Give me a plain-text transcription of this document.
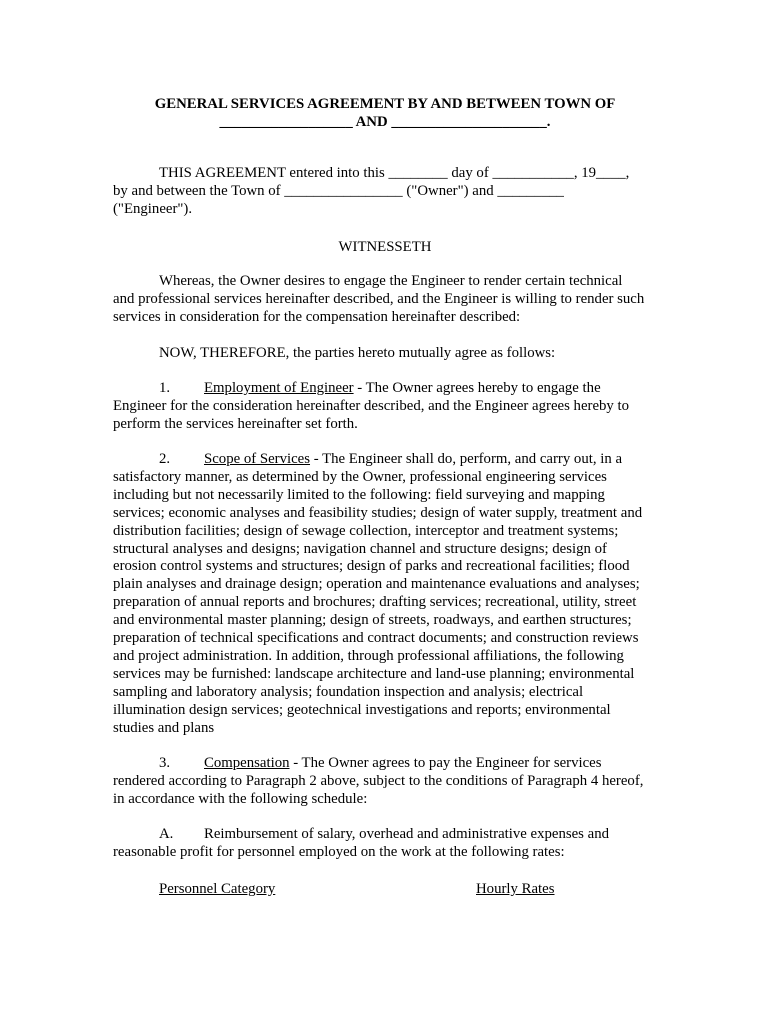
GENERAL SERVICES AGREEMENT BY AND BETWEEN TOWN OF
__________________ AND _____________________.
THIS AGREEMENT entered into this ________ day of ___________, 19____,
by and between the Town of ________________ ("Owner") and _________
("Engineer").
WITNESSETH
Whereas, the Owner desires to engage the Engineer to render certain technical
and professional services hereinafter described, and the Engineer is willing to render such
services in consideration for the compensation hereinafter described:
NOW, THEREFORE, the parties hereto mutually agree as follows:
1. Employment of Engineer - The Owner agrees hereby to engage the
Engineer for the consideration hereinafter described, and the Engineer agrees hereby to
perform the services hereinafter set forth.
2. Scope of Services - The Engineer shall do, perform, and carry out, in a
satisfactory manner, as determined by the Owner, professional engineering services
including but not necessarily limited to the following: field surveying and mapping
services; economic analyses and feasibility studies; design of water supply, treatment and
distribution facilities; design of sewage collection, interceptor and treatment systems;
structural analyses and designs; navigation channel and structure designs; design of
erosion control systems and structures; design of parks and recreational facilities; flood
plain analyses and drainage design; operation and maintenance evaluations and analyses;
preparation of annual reports and brochures; drafting services; recreational, utility, street
and environmental master planning; design of streets, roadways, and earthen structures;
preparation of technical specifications and contract documents; and construction reviews
and project administration. In addition, through professional affiliations, the following
services may be furnished: landscape architecture and land-use planning; environmental
sampling and laboratory analysis; foundation inspection and analysis; electrical
illumination design services; geotechnical investigations and reports; environmental
studies and plans
3. Compensation - The Owner agrees to pay the Engineer for services
rendered according to Paragraph 2 above, subject to the conditions of Paragraph 4 hereof,
in accordance with the following schedule:
A. Reimbursement of salary, overhead and administrative expenses and
reasonable profit for personnel employed on the work at the following rates:
Personnel Category	Hourly Rates
